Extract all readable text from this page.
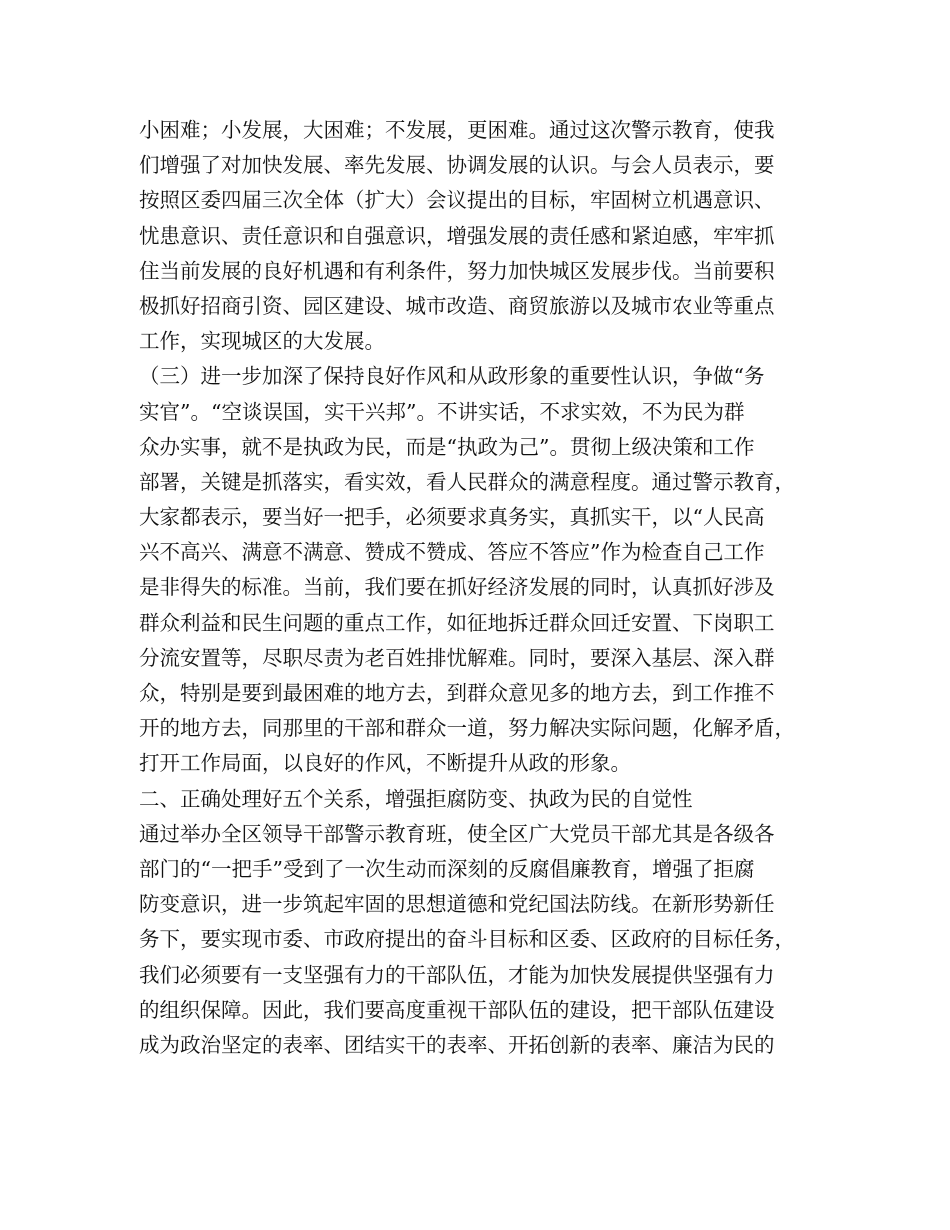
小困难；小发展，大困难；不发展，更困难。通过这次警示教育，使我
们增强了对加快发展、率先发展、协调发展的认识。与会人员表示，要
按照区委四届三次全体（扩大）会议提出的目标，牢固树立机遇意识、
忧患意识、责任意识和自强意识，增强发展的责任感和紧迫感，牢牢抓
住当前发展的良好机遇和有利条件，努力加快城区发展步伐。当前要积
极抓好招商引资、园区建设、城市改造、商贸旅游以及城市农业等重点
工作，实现城区的大发展。
（三）进一步加深了保持良好作风和从政形象的重要性认识，争做“务
实官”。“空谈误国，实干兴邦”。不讲实话，不求实效，不为民为群
众办实事，就不是执政为民，而是“执政为己”。贯彻上级决策和工作
部署，关键是抓落实，看实效，看人民群众的满意程度。通过警示教育，
大家都表示，要当好一把手，必须要求真务实，真抓实干，以“人民高
兴不高兴、满意不满意、赞成不赞成、答应不答应”作为检查自己工作
是非得失的标准。当前，我们要在抓好经济发展的同时，认真抓好涉及
群众利益和民生问题的重点工作，如征地拆迁群众回迁安置、下岗职工
分流安置等，尽职尽责为老百姓排忧解难。同时，要深入基层、深入群
众，特别是要到最困难的地方去，到群众意见多的地方去，到工作推不
开的地方去，同那里的干部和群众一道，努力解决实际问题，化解矛盾，
打开工作局面，以良好的作风，不断提升从政的形象。
二、正确处理好五个关系，增强拒腐防变、执政为民的自觉性
通过举办全区领导干部警示教育班，使全区广大党员干部尤其是各级各
部门的“一把手”受到了一次生动而深刻的反腐倡廉教育，增强了拒腐
防变意识，进一步筑起牢固的思想道德和党纪国法防线。在新形势新任
务下，要实现市委、市政府提出的奋斗目标和区委、区政府的目标任务，
我们必须要有一支坚强有力的干部队伍，才能为加快发展提供坚强有力
的组织保障。因此，我们要高度重视干部队伍的建设，把干部队伍建设
成为政治坚定的表率、团结实干的表率、开拓创新的表率、廉洁为民的
